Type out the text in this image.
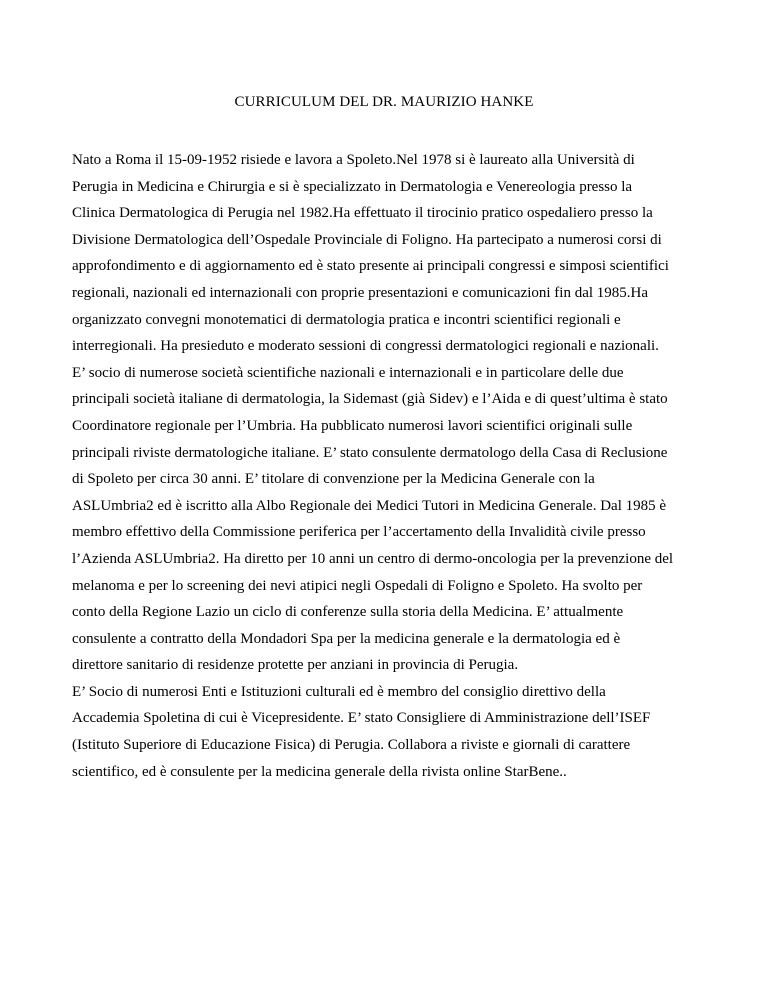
CURRICULUM DEL DR. MAURIZIO HANKE
Nato a Roma il 15-09-1952 risiede e lavora a Spoleto.Nel 1978 si è laureato alla Università di
Perugia in Medicina e Chirurgia e si è specializzato in Dermatologia e Venereologia presso la
Clinica Dermatologica di Perugia nel 1982.Ha effettuato il tirocinio pratico ospedaliero presso la
Divisione Dermatologica dell’Ospedale Provinciale di Foligno. Ha partecipato a numerosi corsi di
approfondimento e di aggiornamento ed è stato presente ai principali congressi e simposi scientifici
regionali, nazionali ed internazionali con proprie presentazioni e comunicazioni fin dal 1985.Ha
organizzato convegni monotematici di dermatologia pratica e incontri scientifici regionali e
interregionali. Ha presieduto e moderato sessioni di congressi dermatologici regionali e nazionali.
E’ socio di numerose società scientifiche nazionali e internazionali e in particolare delle due
principali società italiane di dermatologia, la Sidemast (già Sidev) e l’Aida e di quest’ultima è stato
Coordinatore regionale per l’Umbria. Ha pubblicato numerosi lavori scientifici originali sulle
principali riviste dermatologiche italiane. E’ stato consulente dermatologo della Casa di Reclusione
di Spoleto per circa 30 anni. E’ titolare di convenzione per la Medicina Generale con la
ASLUmbria2 ed è iscritto alla Albo Regionale dei Medici Tutori in Medicina Generale. Dal 1985 è
membro effettivo della Commissione periferica per l’accertamento della Invalidità civile presso
l’Azienda ASLUmbria2. Ha diretto per 10 anni un centro di dermo-oncologia per la prevenzione del
melanoma e per lo screening dei nevi atipici negli Ospedali di Foligno e Spoleto. Ha svolto per
conto della Regione Lazio un ciclo di conferenze sulla storia della Medicina. E’ attualmente
consulente a contratto della Mondadori Spa per la medicina generale e la dermatologia ed è
direttore sanitario di residenze protette per anziani in provincia di Perugia.
E’ Socio di numerosi Enti e Istituzioni culturali ed è membro del consiglio direttivo della
Accademia Spoletina di cui è Vicepresidente. E’ stato Consigliere di Amministrazione dell’ISEF
(Istituto Superiore di Educazione Fisica) di Perugia. Collabora a riviste e giornali di carattere
scientifico, ed è consulente per la medicina generale della rivista online StarBene..
